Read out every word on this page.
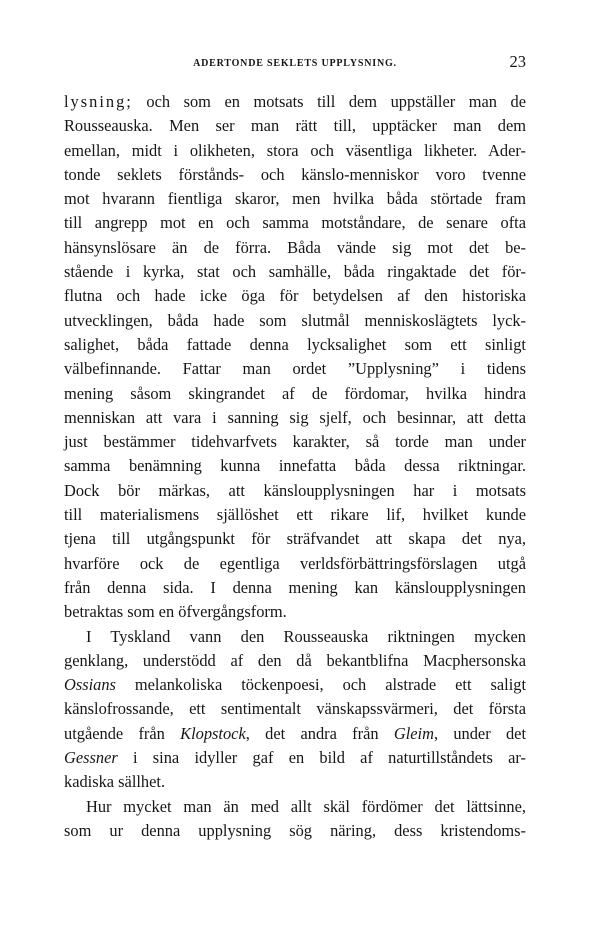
ADERTONDE SEKLETS UPPLYSNING.	23
lysning; och som en motsats till dem uppställer man de
Rousseauska. Men ser man rätt till, upptäcker man dem
emellan, midt i olikheten, stora och väsentliga likheter. Ader-
tonde seklets förstånds- och känslo-menniskor voro tvenne
mot hvarann fientliga skaror, men hvilka båda störtade fram
till angrepp mot en och samma motståndare, de senare ofta
hänsynslösare än de förra. Båda vände sig mot det be-
stående i kyrka, stat och samhälle, båda ringaktade det för-
flutna och hade icke öga för betydelsen af den historiska
utvecklingen, båda hade som slutmål menniskoslägtets lyck-
salighet, båda fattade denna lycksalighet som ett sinligt
välbefinnande. Fattar man ordet ”Upplysning” i tidens
mening såsom skingrandet af de fördomar, hvilka hindra
menniskan att vara i sanning sig sjelf, och besinnar, att detta
just bestämmer tidehvarfvets karakter, så torde man under
samma benämning kunna innefatta båda dessa riktningar.
Dock bör märkas, att känsloupplysningen har i motsats
till materialismens själlöshet ett rikare lif, hvilket kunde
tjena till utgångspunkt för sträfvandet att skapa det nya,
hvarföre ock de egentliga verldsförbättringsförslagen utgå
från denna sida. I denna mening kan känsloupplysningen
betraktas som en öfvergångsform.
I Tyskland vann den Rousseauska riktningen mycken
genklang, understödd af den då bekantblifna Macphersonska
Ossians melankoliska töckenpoesi, och alstrade ett saligt
känslofrossande, ett sentimentalt vänskapssvärmeri, det första
utgående från Klopstock, det andra från Gleim, under det
Gessner i sina idyller gaf en bild af naturtillståndets ar-
kadiska sällhet.
Hur mycket man än med allt skäl fördömer det lättsinne,
som ur denna upplysning sög näring, dess kristendoms-
